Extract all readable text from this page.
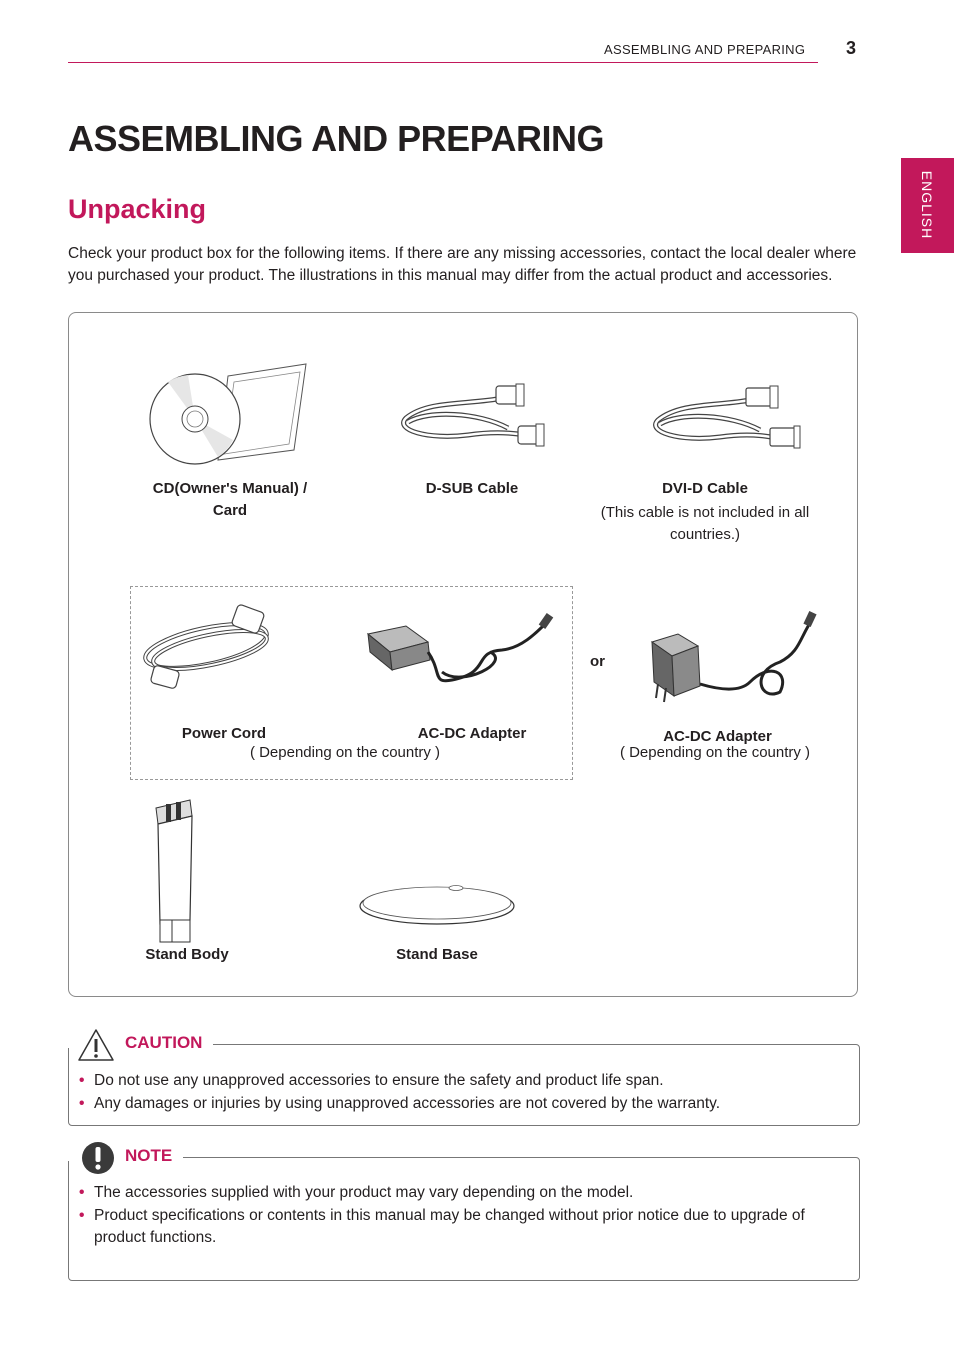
ASSEMBLING AND PREPARING 3
ENGLISH
ASSEMBLING AND PREPARING
Unpacking
Check your product box for the following items. If there are any missing accessories, contact the local dealer where you purchased your product. The illustrations in this manual may differ from the actual product and accessories.
CD(Owner's Manual) /
Card
D-SUB Cable	DVI-D Cable
(This cable is not included in all
countries.)
Power Cord	AC-DC Adapter
( Depending on the country )
or
AC-DC Adapter
( Depending on the country )
Stand Body	Stand Base
CAUTION
• Do not use any unapproved accessories to ensure the safety and product life span.
• Any damages or injuries by using unapproved accessories are not covered by the warranty.
NOTE
• The accessories supplied with your product may vary depending on the model.
• Product specifications or contents in this manual may be changed without prior notice due to upgrade of product functions.
